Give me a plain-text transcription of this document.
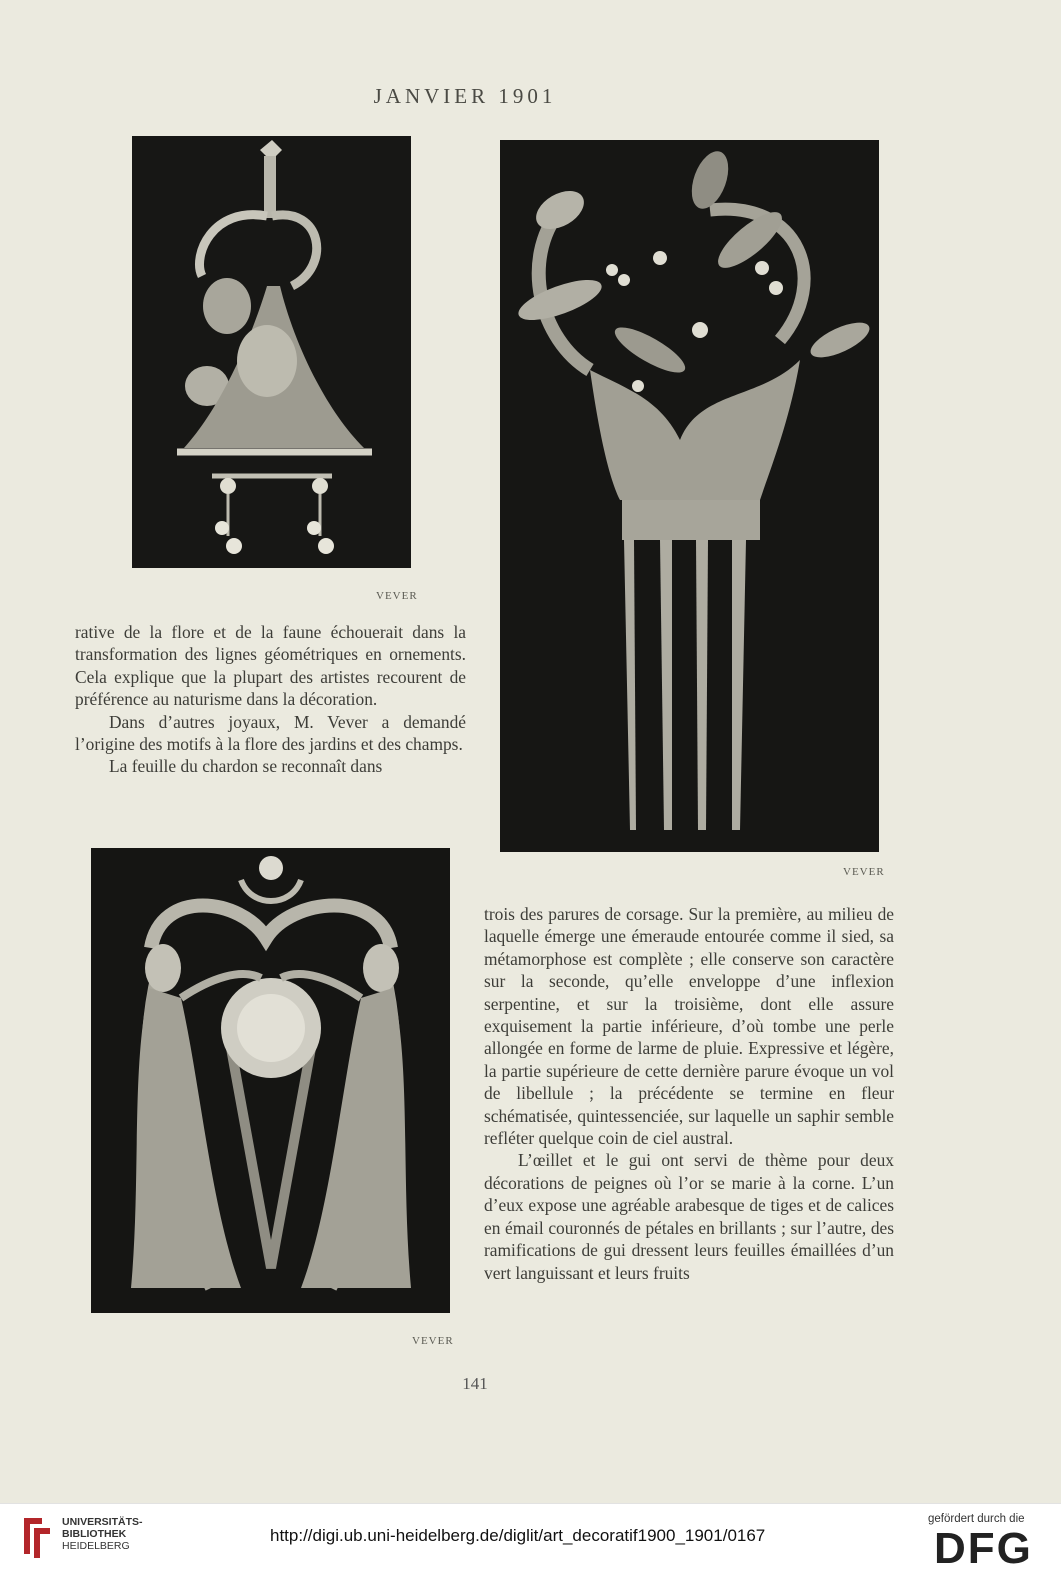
JANVIER 1901
VEVER
VEVER
VEVER

rative de la flore et de la faune échouerait dans la transformation des lignes géométriques en ornements. Cela explique que la plupart des artistes recourent de préférence au naturisme dans la décoration.

Dans d’autres joyaux, M. Vever a demandé l’origine des motifs à la flore des jardins et des champs.

La feuille du chardon se reconnaît dans

trois des parures de corsage. Sur la première, au milieu de laquelle émerge une émeraude entourée comme il sied, sa métamorphose est complète ; elle conserve son caractère sur la seconde, qu’elle enveloppe d’une inflexion serpentine, et sur la troisième, dont elle assure exquisement la partie inférieure, d’où tombe une perle allongée en forme de larme de pluie. Expressive et légère, la partie supérieure de cette dernière parure évoque un vol de libellule ; la précédente se termine en fleur schématisée, quintessenciée, sur laquelle un saphir semble refléter quelque coin de ciel austral.

L’œillet et le gui ont servi de thème pour deux décorations de peignes où l’or se marie à la corne. L’un d’eux expose une agréable arabesque de tiges et de calices en émail couronnés de pétales en brillants ; sur l’autre, des ramifications de gui dressent leurs feuilles émaillées d’un vert languissant et leurs fruits

141
UNIVERSITÄTS-
BIBLIOTHEK
HEIDELBERG
http://digi.ub.uni-heidelberg.de/diglit/art_decoratif1900_1901/0167
gefördert durch die
DFG
